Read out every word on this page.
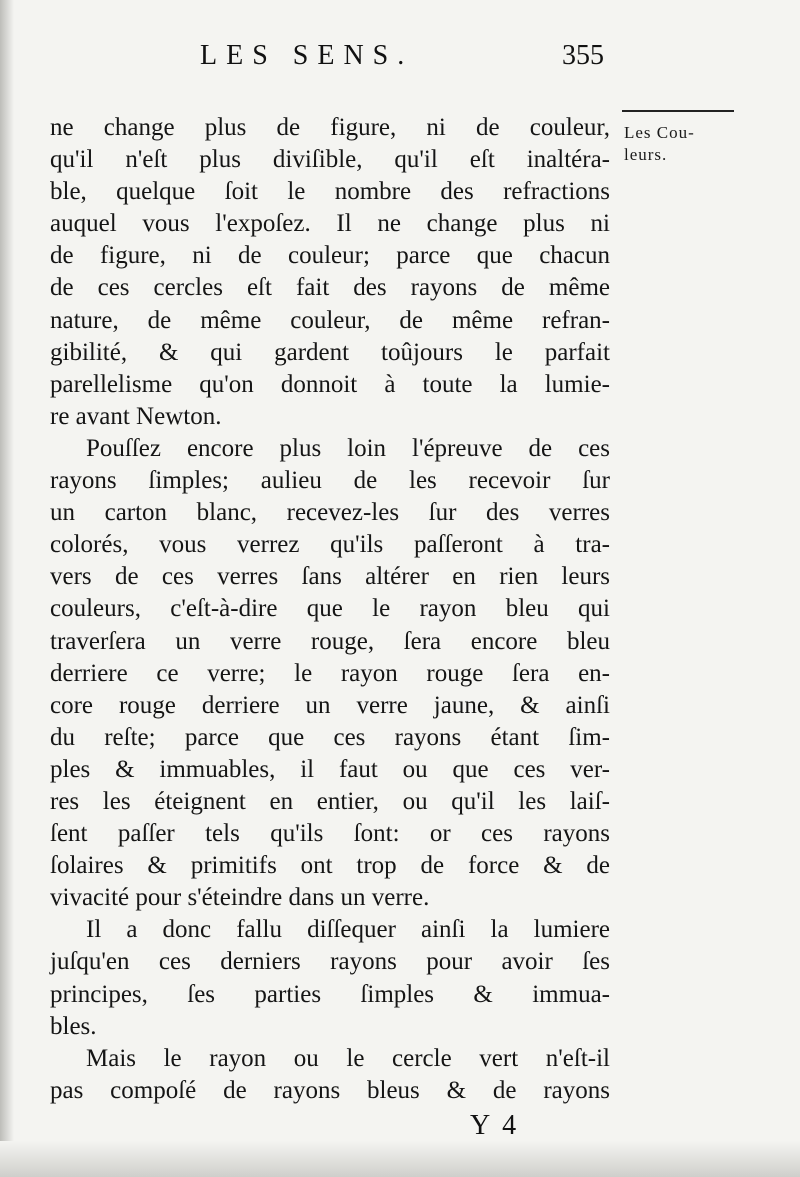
LES SENS.	355
Les Cou-
leurs.
ne change plus de figure, ni de couleur,
qu'il n'eſt plus diviſible, qu'il eſt inaltéra-
ble, quelque ſoit le nombre des refractions
auquel vous l'expoſez. Il ne change plus ni
de figure, ni de couleur; parce que chacun
de ces cercles eſt fait des rayons de même
nature, de même couleur, de même refran-
gibilité, & qui gardent toûjours le parfait
parellelisme qu'on donnoit à toute la lumie-
re avant Newton.
Pouſſez encore plus loin l'épreuve de ces
rayons ſimples; aulieu de les recevoir ſur
un carton blanc, recevez-les ſur des verres
colorés, vous verrez qu'ils paſſeront à tra-
vers de ces verres ſans altérer en rien leurs
couleurs, c'eſt-à-dire que le rayon bleu qui
traverſera un verre rouge, ſera encore bleu
derriere ce verre; le rayon rouge ſera en-
core rouge derriere un verre jaune, & ainſi
du reſte; parce que ces rayons étant ſim-
ples & immuables, il faut ou que ces ver-
res les éteignent en entier, ou qu'il les laiſ-
ſent paſſer tels qu'ils ſont: or ces rayons
ſolaires & primitifs ont trop de force & de
vivacité pour s'éteindre dans un verre.
Il a donc fallu diſſequer ainſi la lumiere
juſqu'en ces derniers rayons pour avoir ſes
principes, ſes parties ſimples & immua-
bles.
Mais le rayon ou le cercle vert n'eſt-il
pas compoſé de rayons bleus & de rayons
Y 4
